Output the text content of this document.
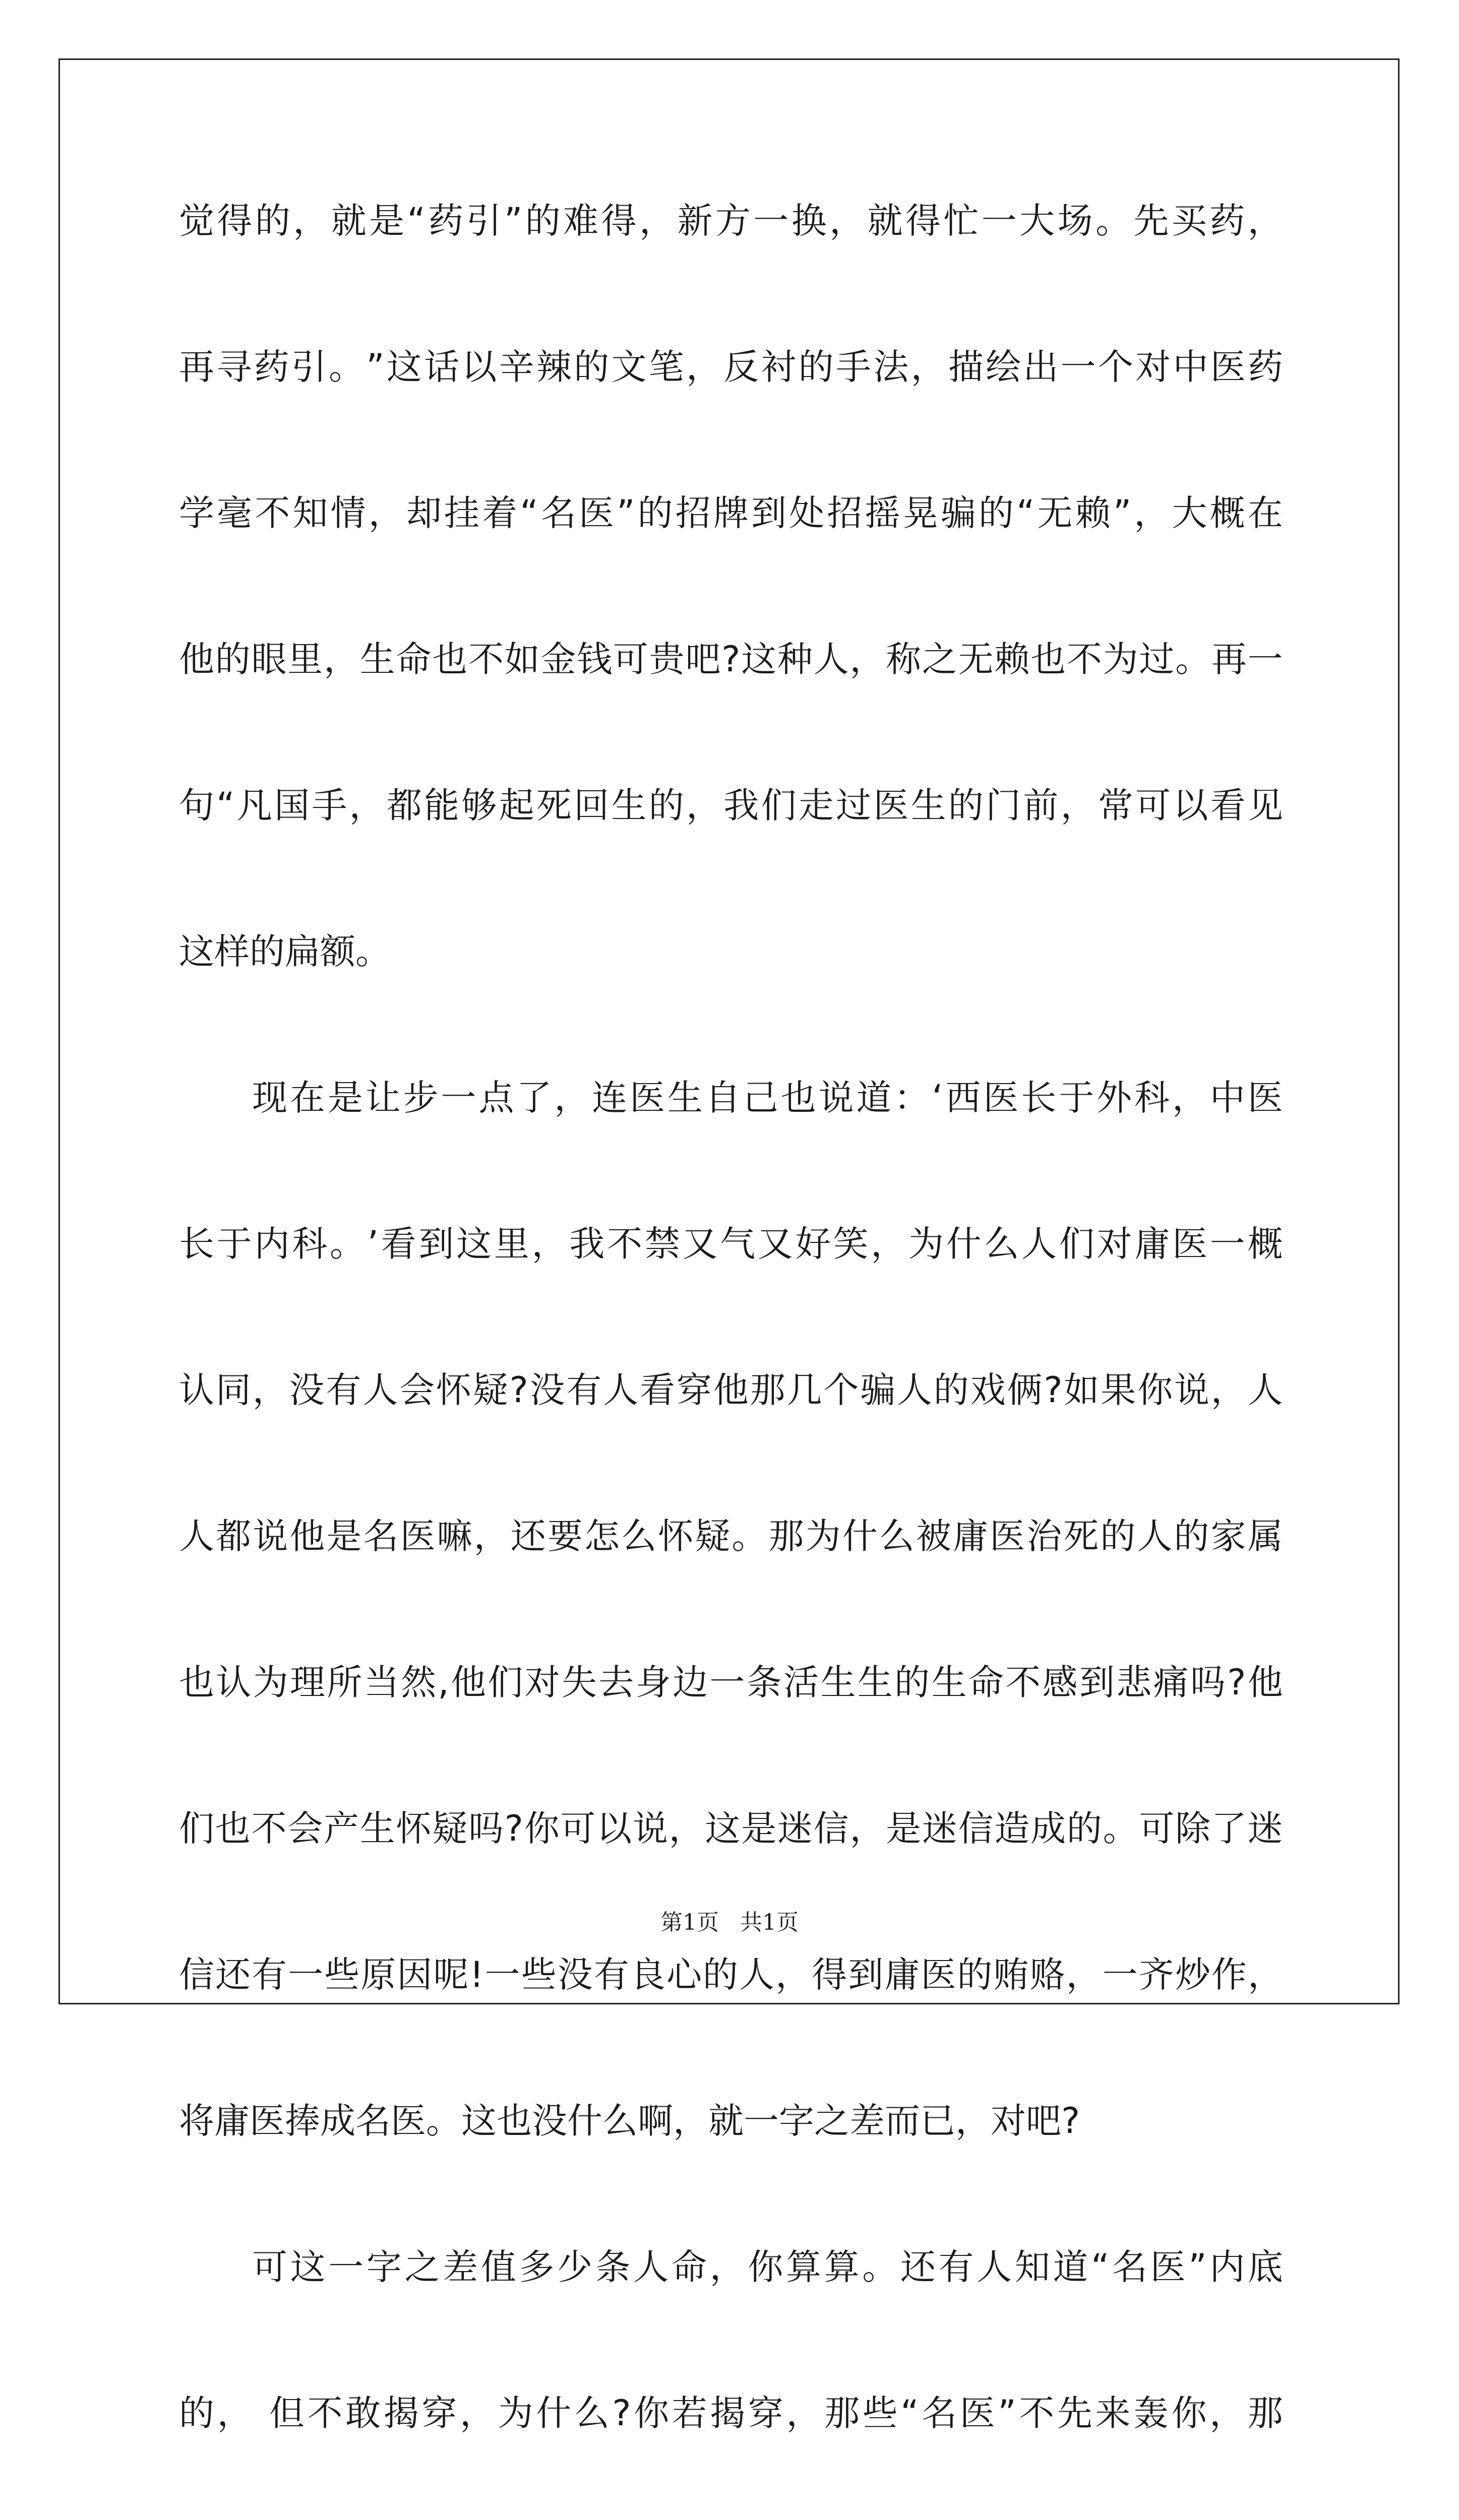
觉 得 的 ， 就 是 “ 药 引 ” 的 难 得 ， 新 方 一 换 ， 就 得 忙 一 大 场 。 先 买 药 ，
再 寻 药 引 。 ” 这 话 以 辛 辣 的 文 笔 ， 反 衬 的 手 法 ， 描 绘 出 一 个 对 中 医 药
学 毫 不 知 情 ， 却 挂 着 “ 名 医 ” 的 招 牌 到 处 招 摇 晃 骗 的 “ 无 赖 ” ， 大 概 在
他 的 眼 里 ， 生 命 也 不 如 金 钱 可 贵 吧 ? 这 种 人 ， 称 之 无 赖 也 不 为 过 。 再 一
句 “ 凡 国 手 ， 都 能 够 起 死 回 生 的 ， 我 们 走 过 医 生 的 门 前 ， 常 可 以 看 见
这 样 的 扁 额 。
现 在 是 让 步 一 点 了 ， 连 医 生 自 己 也 说 道 ： ‘ 西 医 长 于 外 科 ， 中 医
长 于 内 科 。 ’ 看 到 这 里 ， 我 不 禁 又 气 又 好 笑 ， 为 什 么 人 们 对 庸 医 一 概
认 同 ， 没 有 人 会 怀 疑 ? 没 有 人 看 穿 他 那 几 个 骗 人 的 戏 俩 ? 如 果 你 说 ， 人
人 都 说 他 是 名 医 嘛 ， 还 要 怎 么 怀 疑 。 那 为 什 么 被 庸 医 治 死 的 人 的 家 属
也 认 为 理 所 当 然 , 他 们 对 失 去 身 边 一 条 活 生 生 的 生 命 不 感 到 悲 痛 吗 ? 他
们 也 不 会 产 生 怀 疑 吗 ? 你 可 以 说 ， 这 是 迷 信 ， 是 迷 信 造 成 的 。 可 除 了 迷
信 还 有 一 些 原 因 呢 ! 一 些 没 有 良 心 的 人 ， 得 到 庸 医 的 贿 赂 ， 一 齐 炒 作 ，
将 庸 医 捧 成 名 医 。 这 也 没 什 么 啊 ， 就 一 字 之 差 而 已 ， 对 吧 ?
可 这 一 字 之 差 值 多 少 条 人 命 ， 你 算 算 。 还 有 人 知 道 “ 名 医 ” 内 底
的 ，
但 不 敢 揭 穿 ， 为 什 么 ? 你 若 揭 穿 ， 那 些 “ 名 医 ” 不 先 来 轰 你 ， 那
第1页 共1页
